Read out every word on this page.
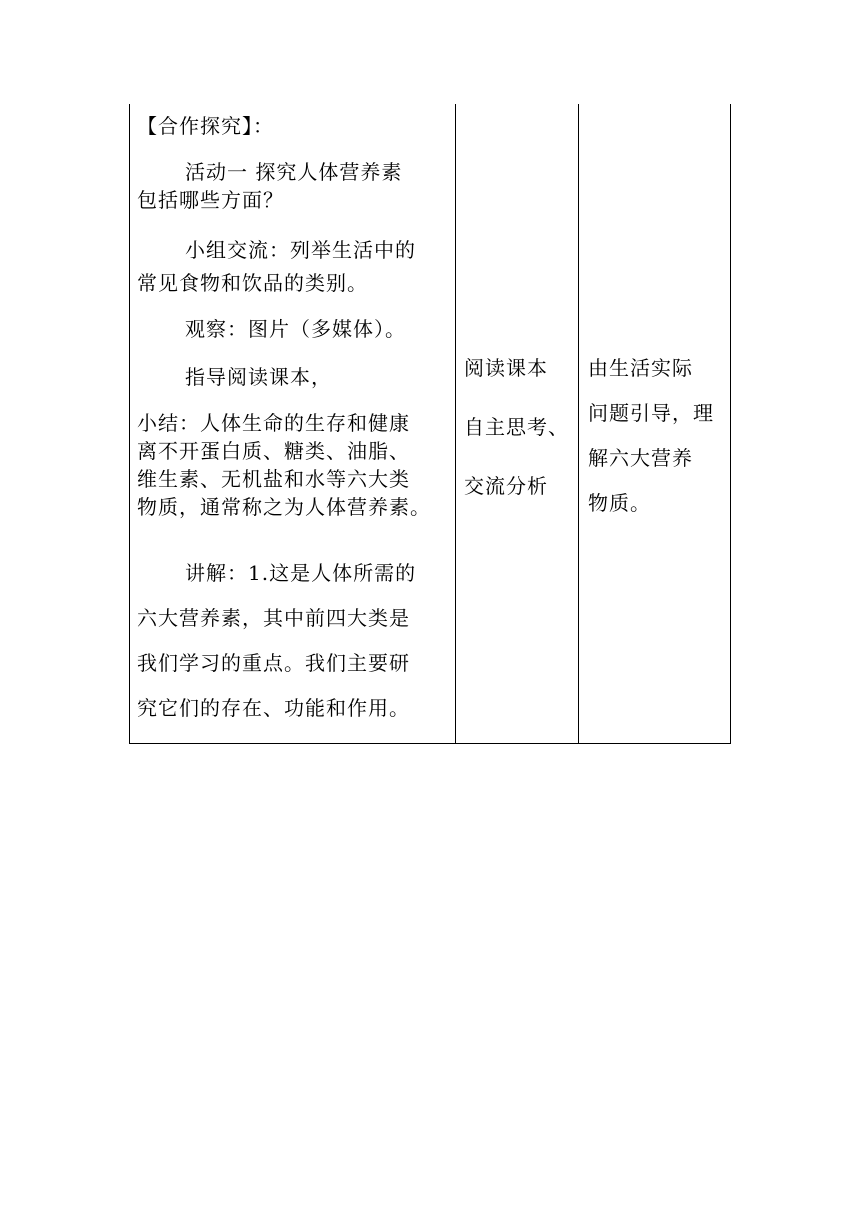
【合作探究】：
活动一 探究人体营养素
包括哪些方面？
小组交流：列举生活中的
常见食物和饮品的类别。
观察：图片（多媒体）。
指导阅读课本，
小结：人体生命的生存和健康
离不开蛋白质、糖类、油脂、
维生素、无机盐和水等六大类
物质，通常称之为人体营养素。
讲解：1.这是人体所需的
六大营养素，其中前四大类是
我们学习的重点。我们主要研
究它们的存在、功能和作用。
阅读课本
自主思考、
交流分析
由生活实际
问题引导，理
解六大营养
物质。
